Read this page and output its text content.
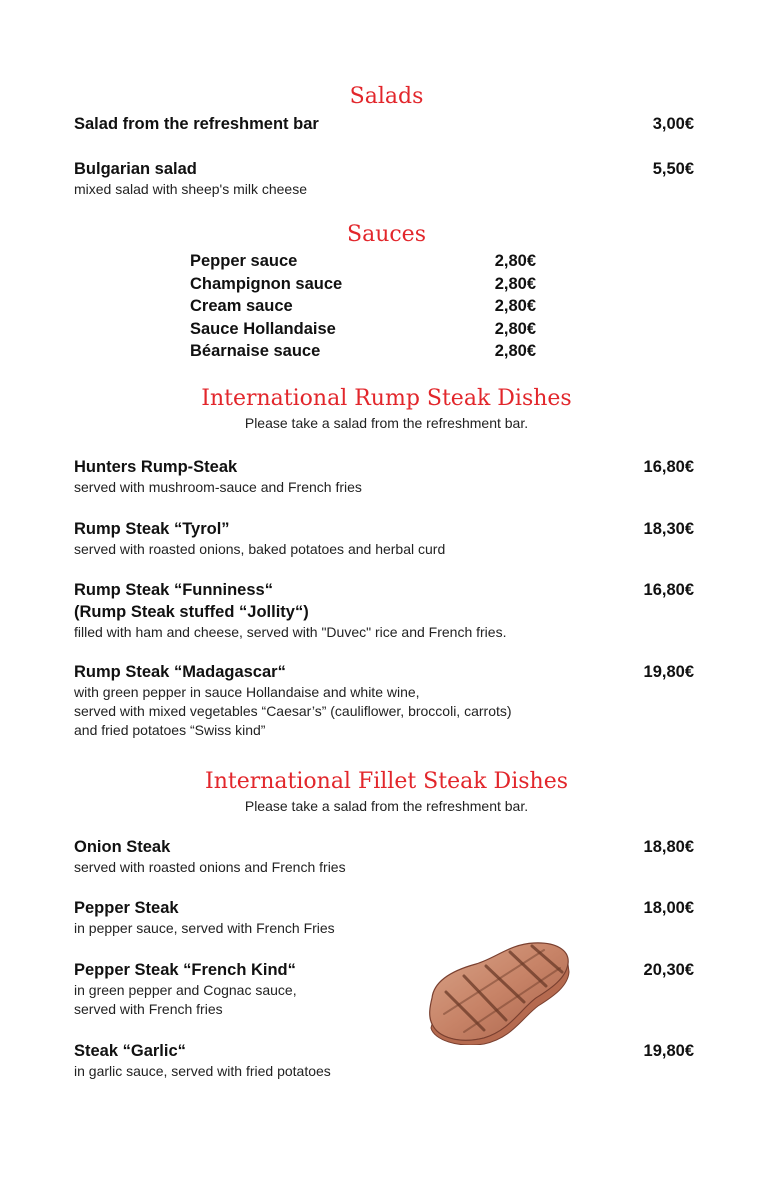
Salads
Salad from the refreshment bar	3,00€
Bulgarian salad
mixed salad with sheep's milk cheese
5,50€
Sauces
Pepper sauce	2,80€
Champignon sauce	2,80€
Cream sauce	2,80€
Sauce Hollandaise	2,80€
Béarnaise sauce	2,80€
International Rump Steak Dishes
Please take a salad from the refreshment bar.
Hunters Rump-Steak
served with mushroom-sauce and French fries
16,80€
Rump Steak “Tyrol”
served with roasted onions, baked potatoes and herbal curd
18,30€
Rump Steak “Funniness“
(Rump Steak stuffed “Jollity“)
filled with ham and cheese, served with "Duvec" rice and French fries.
16,80€
Rump Steak “Madagascar“
with green pepper in sauce Hollandaise and white wine,
served with mixed vegetables “Caesar’s” (cauliflower, broccoli, carrots)
and fried potatoes “Swiss kind”
19,80€
International Fillet Steak Dishes
Please take a salad from the refreshment bar.
Onion Steak
served with roasted onions and French fries
18,80€
Pepper Steak
in pepper sauce, served with French Fries
18,00€
Pepper Steak “French Kind“
in green pepper and Cognac sauce,
served with French fries
20,30€
Steak “Garlic“
in garlic sauce, served with fried potatoes
19,80€
